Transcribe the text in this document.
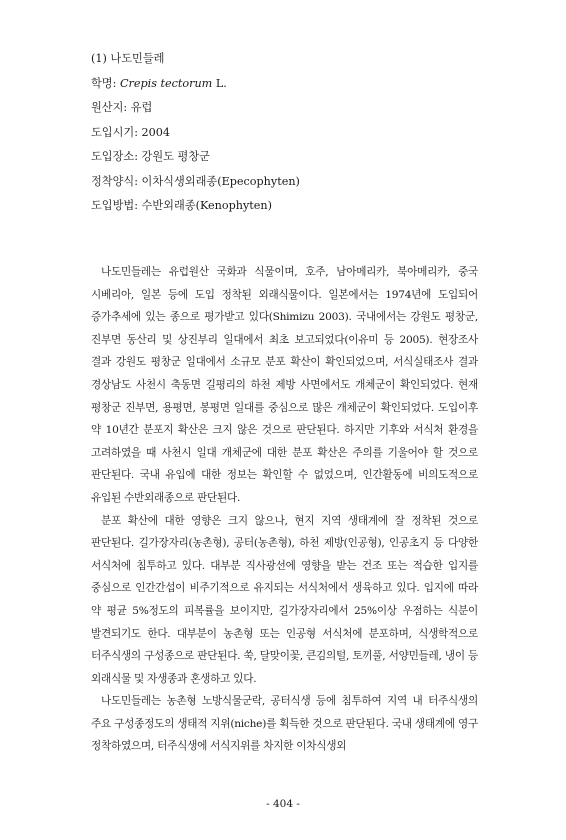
(1) 나도민들레
학명: Crepis tectorum L.
원산지: 유럽
도입시기: 2004
도입장소: 강원도 평창군
정착양식: 이차식생외래종(Epecophyten)
도입방법: 수반외래종(Kenophyten)

나도민들레는 유럽원산 국화과 식물이며, 호주, 남아메리카, 북아메리카, 중국 시베리아, 일본 등에 도입 정착된 외래식물이다. 일본에서는 1974년에 도입되어 증가추세에 있는 종으로 평가받고 있다(Shimizu 2003). 국내에서는 강원도 평창군, 진부면 동산리 및 상진부리 일대에서 최초 보고되었다(이유미 등 2005). 현장조사 결과 강원도 평창군 일대에서 소규모 분포 확산이 확인되었으며, 서식실태조사 결과 경상남도 사천시 축동면 길평리의 하천 제방 사면에서도 개체군이 확인되었다. 현재 평창군 진부면, 용평면, 봉평면 일대를 중심으로 많은 개체군이 확인되었다. 도입이후 약 10년간 분포지 확산은 크지 않은 것으로 판단된다. 하지만 기후와 서식처 환경을 고려하였을 때 사천시 일대 개체군에 대한 분포 확산은 주의를 기울어야 할 것으로 판단된다. 국내 유입에 대한 정보는 확인할 수 없었으며, 인간활동에 비의도적으로 유입된 수반외래종으로 판단된다.

분포 확산에 대한 영향은 크지 않으나, 현지 지역 생태계에 잘 정착된 것으로 판단된다. 길가장자리(농촌형), 공터(농촌형), 하천 제방(인공형), 인공초지 등 다양한 서식처에 침투하고 있다. 대부분 직사광선에 영향을 받는 건조 또는 적습한 입지를 중심으로 인간간섭이 비주기적으로 유지되는 서식처에서 생육하고 있다. 입지에 따라 약 평균 5%정도의 피복률을 보이지만, 길가장자리에서 25%이상 우점하는 식분이 발견되기도 한다. 대부분이 농촌형 또는 인공형 서식처에 분포하며, 식생학적으로 터주식생의 구성종으로 판단된다. 쑥, 달맞이꽃, 큰김의털, 토끼풀, 서양민들레, 냉이 등 외래식물 및 자생종과 혼생하고 있다.

나도민들레는 농촌형 노방식물군락, 공터식생 등에 침투하여 지역 내 터주식생의 주요 구성종정도의 생태적 지위(niche)를 획득한 것으로 판단된다. 국내 생태계에 영구 정착하였으며, 터주식생에 서식지위를 차지한 이차식생외

- 404 -
